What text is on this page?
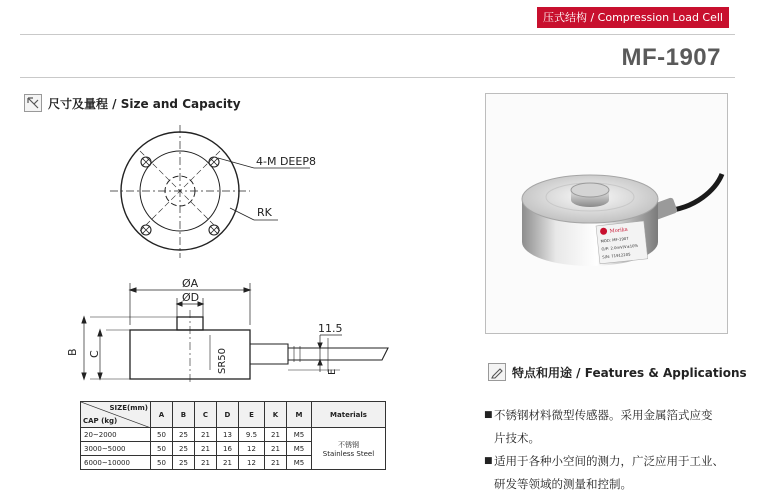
压式结构 / Compression Load Cell
MF-1907
尺寸及量程 / Size and Capacity
4-M DEEP8
RK
ØA
ØD
B C	SR50
11.5
E
Morika
MOD: MF-1907
O/P: 2.0mV/V±10%
S/N: 71912205
SIZE(mm)
CAP (kg)	A	B	C	D	E	K	M	Materials
20~2000	50	25	21	13	9.5	21	M5	不锈钢
Stainless Steel

3000~5000	50	25	21	16	12	21	M5	
6000~10000	50	25	21	21	12	21	M5	
特点和用途 / Features & Applications
■ 不锈钢材料微型传感器。采用金属箔式应变
片技术。
■ 适用于各种小空间的测力，广泛应用于工业、
研发等领域的测量和控制。
